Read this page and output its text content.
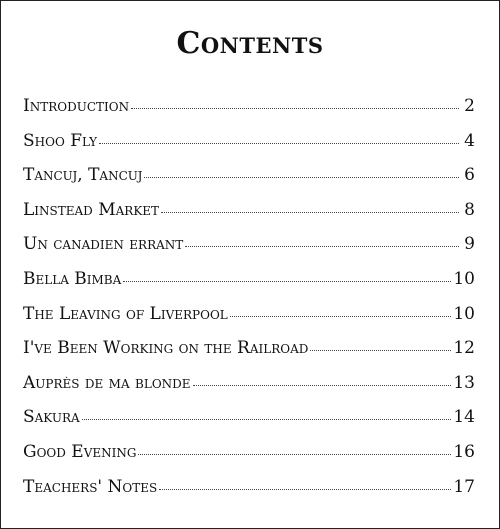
Contents
Introduction	2
Shoo Fly	4
Tancuj, Tancuj	6
Linstead Market	8
Un canadien errant	9
Bella Bimba	10
The Leaving of Liverpool	10
I've Been Working on the Railroad	12
Auprès de ma blonde	13
Sakura	14
Good Evening	16
Teachers' Notes	17
